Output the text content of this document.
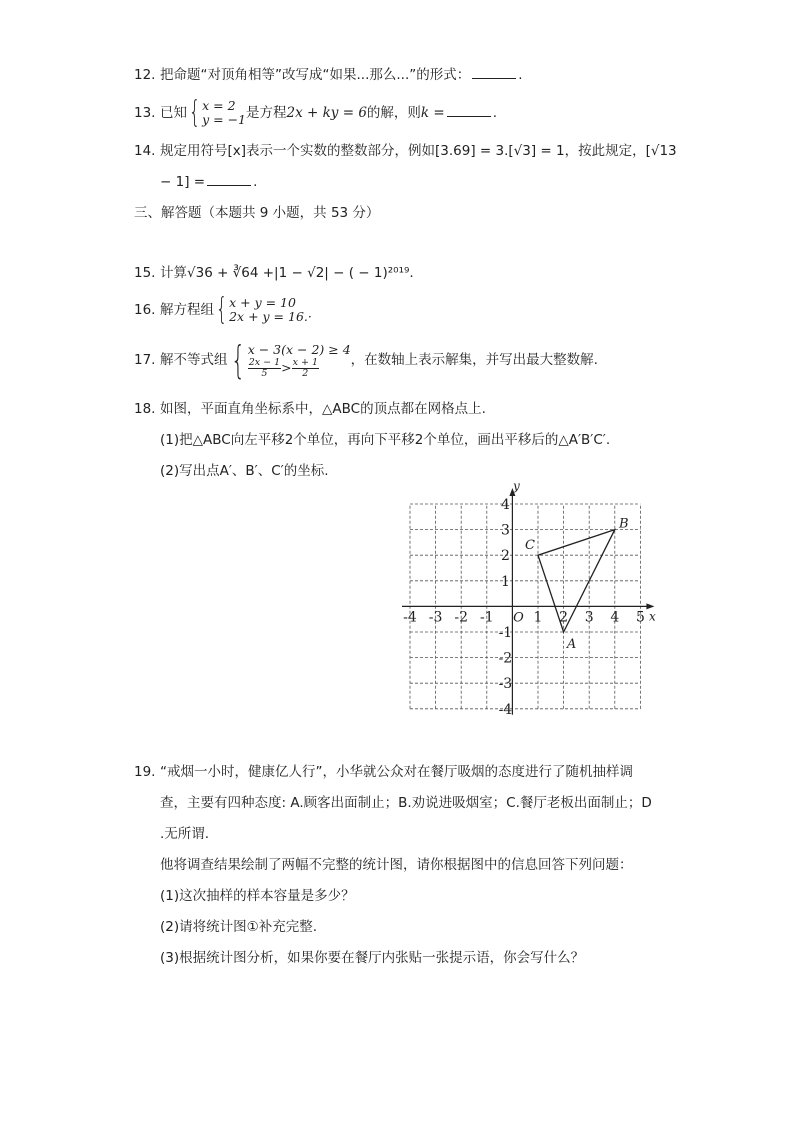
12. 把命题“对顶角相等”改写成“如果...那么...”的形式：	.
13. 已知{ x = 2
y = −1 是方程2x + ky = 6的解，则k =	.
14. 规定用符号[x]表示一个实数的整数部分，例如[3.69] = 3.[√3] = 1，按此规定，[√13
− 1] =	.
三、解答题（本题共 9 小题，共 53 分）
15. 计算√36 + ∛64 +|1 − √2| − ( − 1)²⁰¹⁹.
16. 解方程组{ x + y = 10
2x + y = 16.·
17. 解不等式组{ x − 3(x − 2) ≥ 4
$\frac{2x - 1}{5} > \frac{x + 1}{2}$ ，在数轴上表示解集，并写出最大整数解.
18. 如图，平面直角坐标系中，△ABC的顶点都在网格点上.
(1)把△ABC向左平移2个单位，再向下平移2个单位，画出平移后的△A′B′C′.
(2)写出点A′、B′、C′的坐标.
-4 -3 -2 -1	1 2 3 4 5
4
3
2
1
-1
-2
-3
-4
O	x
y
A
B
C
19. “戒烟一小时，健康亿人行”，小华就公众对在餐厅吸烟的态度进行了随机抽样调
查，主要有四种态度: A.顾客出面制止；B.劝说进吸烟室；C.餐厅老板出面制止；D
.无所谓.
他将调查结果绘制了两幅不完整的统计图，请你根据图中的信息回答下列问题：
(1)这次抽样的样本容量是多少？
(2)请将统计图①补充完整.
(3)根据统计图分析，如果你要在餐厅内张贴一张提示语，你会写什么？
